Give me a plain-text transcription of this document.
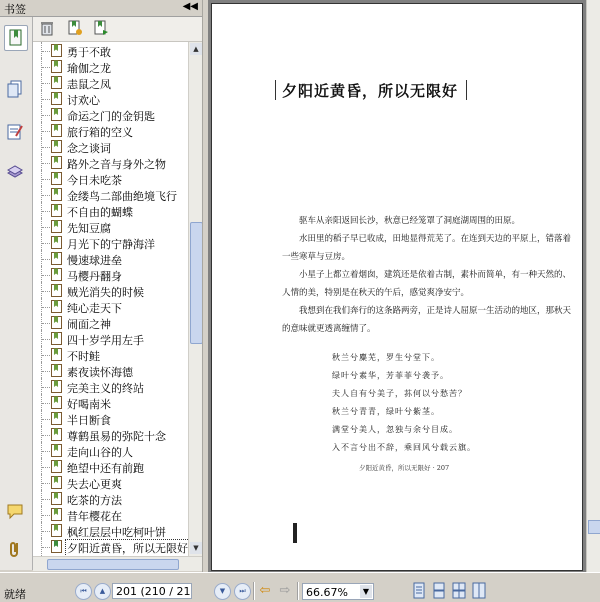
书签	◀◀
勇于不敢
瑜伽之龙
恚鼠之凤
讨欢心
命运之门的金钥匙
旅行箱的空义
念之谈词
路外之音与身外之物
今日未吃茶
金缕鸟二部曲绝境飞行
不自由的蝴蝶
先知豆腐
月光下的宁静海洋
慢速球进垒
马樱丹翻身
贼光消失的时候
纯心走天下
闹面之神
四十岁学用左手
不时鲑
素夜读怀海德
完美主义的终站
好喝南米
半日断食
尊鹤虽易的弥陀十念
走向山谷的人
绝望中还有前跑
失去心更爽
吃茶的方法
昔年樱花在
枫红层层中吃柯叶饼
夕阳近黄昏，所以无限好
▲
▼
夕阳近黄昏，所以无限好
驱车从亲阳返回长沙，秋意已经笼罩了洞庭湖周围的田原。
水田里的稻子早已收成，田地显得荒芜了。在连到天边的平原上，错落着一些寒草与豆房。
小星子上都立着烟囱，建筑还是依着古制，素朴而简单，有一种天然的、人情的美，特别是在秋天的午后，感觉爽净安宁。
我想到在我们奔行的这条路两旁，正是诗人屈原一生活动的地区，那秋天的意味就更透离缠情了。
秋兰兮麋芜，罗生兮堂下。
绿叶兮素华，芳菲菲兮袭予。
夫人自有兮美子，荪何以兮愁苦？
秋兰兮青青，绿叶兮紫茎。
满堂兮美人，忽独与余兮目成。
入不言兮出不辞，乘回风兮载云旗。
夕阳近黄昏，所以无限好 · 207
就绪	⏮	▲ 201 (210 / 21	▼	⏭	⇦ ⇨	66.67%	▼
